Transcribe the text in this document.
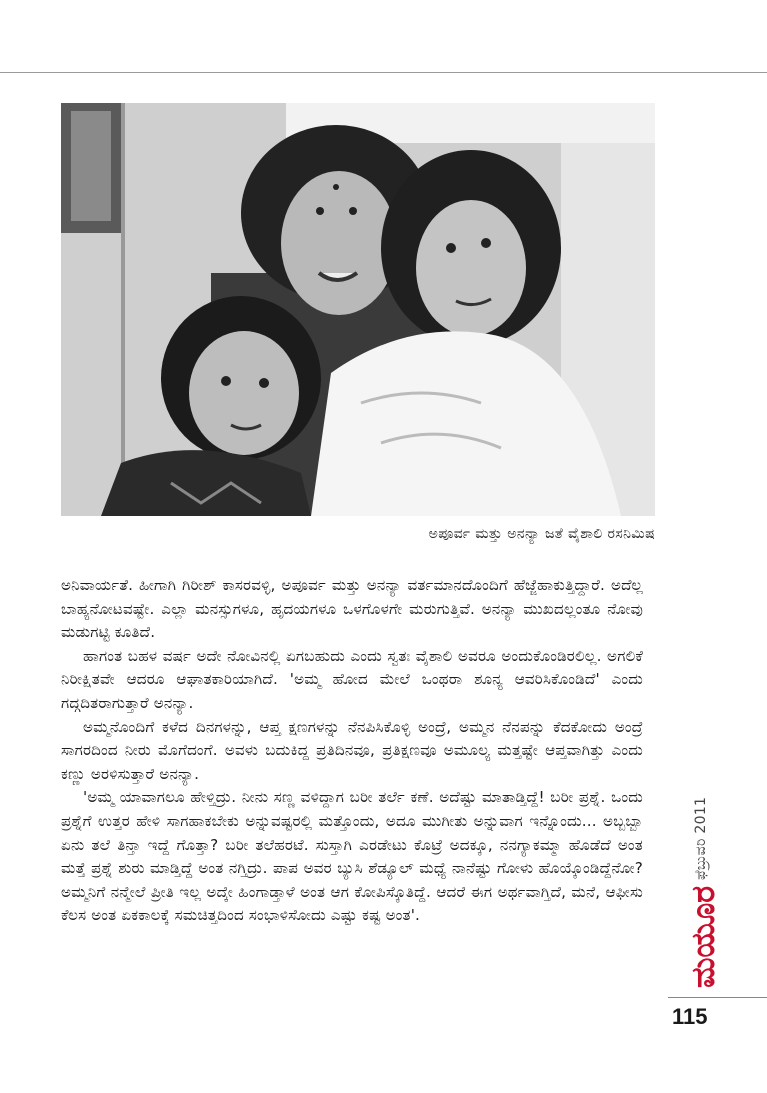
ಅಪೂರ್ವ ಮತ್ತು ಅನನ್ಯಾ ಜತೆ ವೈಶಾಲಿ ರಸನಿಮಿಷ

ಅನಿವಾರ್ಯತೆ. ಹೀಗಾಗಿ ಗಿರೀಶ್ ಕಾಸರವಳ್ಳಿ, ಅಪೂರ್ವ ಮತ್ತು ಅನನ್ಯಾ ವರ್ತಮಾನದೊಂದಿಗೆ ಹೆಜ್ಜೆಹಾಕುತ್ತಿದ್ದಾರೆ. ಅದೆಲ್ಲ ಬಾಹ್ಯನೋಟವಷ್ಟೇ. ಎಲ್ಲಾ ಮನಸ್ಸುಗಳೂ, ಹೃದಯಗಳೂ ಒಳಗೊಳಗೇ ಮರುಗುತ್ತಿವೆ. ಅನನ್ಯಾ ಮುಖದಲ್ಲಂತೂ ನೋವು ಮಡುಗಟ್ಟಿ ಕೂತಿದೆ.

ಹಾಗಂತ ಬಹಳ ವರ್ಷ ಅದೇ ನೋವಿನಲ್ಲಿ ಏಗಬಹುದು ಎಂದು ಸ್ವತಃ ವೈಶಾಲಿ ಅವರೂ ಅಂದುಕೊಂಡಿರಲಿಲ್ಲ. ಅಗಲಿಕೆ ನಿರೀಕ್ಷಿತವೇ ಆದರೂ ಆಘಾತಕಾರಿಯಾಗಿದೆ. 'ಅಮ್ಮ ಹೋದ ಮೇಲೆ ಒಂಥರಾ ಶೂನ್ಯ ಆವರಿಸಿಕೊಂಡಿದೆ' ಎಂದು ಗದ್ಗದಿತರಾಗುತ್ತಾರೆ ಅನನ್ಯಾ.

ಅಮ್ಮನೊಂದಿಗೆ ಕಳೆದ ದಿನಗಳನ್ನು, ಆಪ್ತ ಕ್ಷಣಗಳನ್ನು ನೆನಪಿಸಿಕೊಳ್ಳಿ ಅಂದ್ರೆ, ಅಮ್ಮನ ನೆನಪನ್ನು ಕೆದಕೋದು ಅಂದ್ರೆ ಸಾಗರದಿಂದ ನೀರು ಮೊಗೆದಂಗೆ. ಅವಳು ಬದುಕಿದ್ದ ಪ್ರತಿದಿನವೂ, ಪ್ರತಿಕ್ಷಣವೂ ಅಮೂಲ್ಯ ಮತ್ತಷ್ಟೇ ಆಪ್ತವಾಗಿತ್ತು ಎಂದು ಕಣ್ಣು ಅರಳಿಸುತ್ತಾರೆ ಅನನ್ಯಾ.

'ಅಮ್ಮ ಯಾವಾಗಲೂ ಹೇಳ್ತಿದ್ರು. ನೀನು ಸಣ್ಣ ವಳಿದ್ದಾಗ ಬರೀ ತರ್ಲೆ ಕಣೆ. ಅದೆಷ್ಟು ಮಾತಾಡ್ತಿದ್ದೆ! ಬರೀ ಪ್ರಶ್ನೆ. ಒಂದು ಪ್ರಶ್ನೆಗೆ ಉತ್ತರ ಹೇಳಿ ಸಾಗಹಾಕಬೇಕು ಅನ್ನುವಷ್ಟರಲ್ಲಿ ಮತ್ತೊಂದು, ಅದೂ ಮುಗೀತು ಅನ್ನುವಾಗ ಇನ್ನೊಂದು... ಅಬ್ಬಬ್ಬಾ ಏನು ತಲೆ ತಿನ್ತಾ ಇದ್ದೆ ಗೊತ್ತಾ? ಬರೀ ತಲೆಹರಟೆ. ಸುಸ್ತಾಗಿ ಎರಡೇಟು ಕೊಟ್ರೆ ಅದಕ್ಕೂ, ನನಗ್ಯಾಕಮ್ಮಾ ಹೊಡೆದೆ ಅಂತ ಮತ್ತೆ ಪ್ರಶ್ನೆ ಶುರು ಮಾಡ್ತಿದ್ದೆ ಅಂತ ನಗ್ತಿದ್ರು. ಪಾಪ ಅವರ ಬ್ಯುಸಿ ಶೆಡ್ಯೂಲ್ ಮಧ್ಯೆ ನಾನೆಷ್ಟು ಗೋಳು ಹೊಯ್ಕೊಂಡಿದ್ದೆನೋ? ಅಮ್ಮನಿಗೆ ನನ್ಮೇಲೆ ಪ್ರೀತಿ ಇಲ್ಲ ಅದ್ಕೇ ಹಿಂಗಾಡ್ತಾಳೆ ಅಂತ ಆಗ ಕೋಪಿಸ್ಕೊತಿದ್ದೆ. ಆದರೆ ಈಗ ಅರ್ಥವಾಗ್ತಿದೆ, ಮನೆ, ಆಫೀಸು ಕೆಲಸ ಅಂತ ಏಕಕಾಲಕ್ಕೆ ಸಮಚಿತ್ತದಿಂದ ಸಂಭಾಳಿಸೋದು ಎಷ್ಟು ಕಷ್ಟ ಅಂತ'.

ಫೆಬ್ರುವರಿ 2011
ಮಯೂರ
115
